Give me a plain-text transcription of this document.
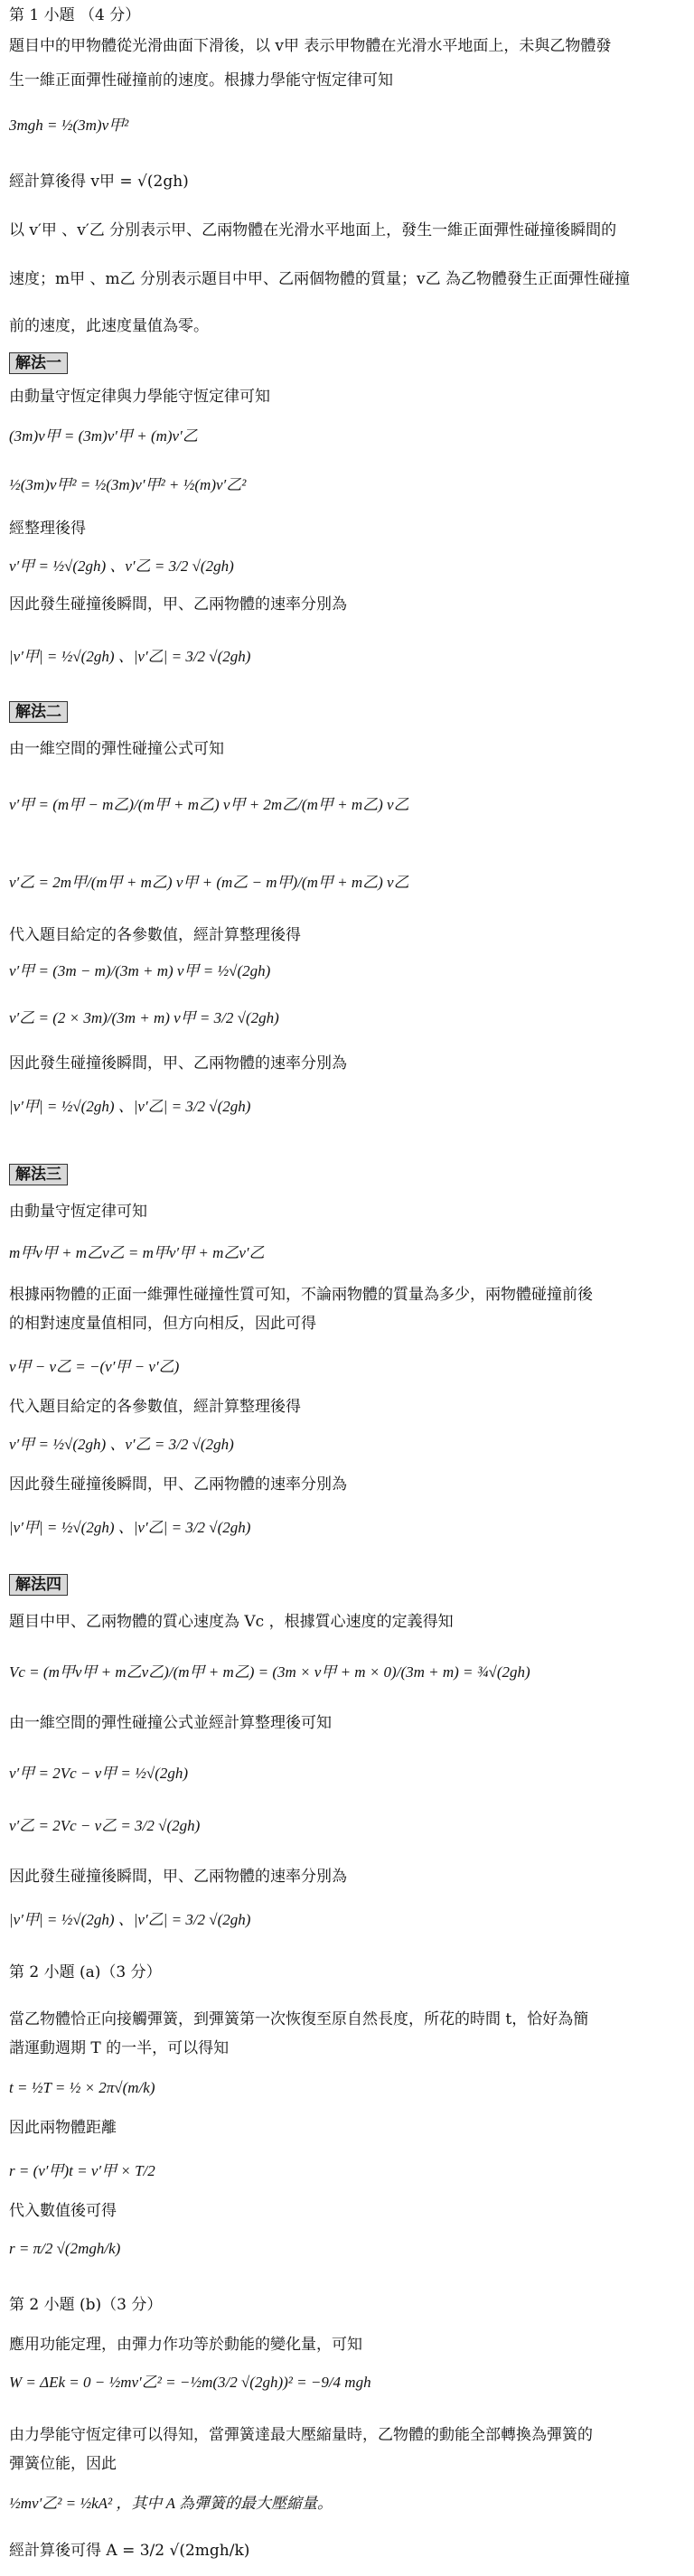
第 1 小題 （4 分）
題目中的甲物體從光滑曲面下滑後，以 v甲 表示甲物體在光滑水平地面上，未與乙物體發
生一維正面彈性碰撞前的速度。根據力學能守恆定律可知
3mgh = ½(3m)v甲²
經計算後得 v甲 = √(2gh)
以 v′甲 、v′乙 分別表示甲、乙兩物體在光滑水平地面上，發生一維正面彈性碰撞後瞬間的
速度；m甲 、m乙 分別表示題目中甲、乙兩個物體的質量；v乙 為乙物體發生正面彈性碰撞
前的速度，此速度量值為零。
解法一
由動量守恆定律與力學能守恆定律可知
(3m)v甲 = (3m)v′甲 + (m)v′乙
½(3m)v甲² = ½(3m)v′甲² + ½(m)v′乙²
經整理後得
v′甲 = ½√(2gh) 、v′乙 = 3/2 √(2gh)
因此發生碰撞後瞬間，甲、乙兩物體的速率分別為
|v′甲| = ½√(2gh) 、|v′乙| = 3/2 √(2gh)
解法二
由一維空間的彈性碰撞公式可知
v′甲 = (m甲 − m乙)/(m甲 + m乙) v甲 + 2m乙/(m甲 + m乙) v乙
v′乙 = 2m甲/(m甲 + m乙) v甲 + (m乙 − m甲)/(m甲 + m乙) v乙
代入題目給定的各參數值，經計算整理後得
v′甲 = (3m − m)/(3m + m) v甲 = ½√(2gh)
v′乙 = (2 × 3m)/(3m + m) v甲 = 3/2 √(2gh)
因此發生碰撞後瞬間，甲、乙兩物體的速率分別為
|v′甲| = ½√(2gh) 、|v′乙| = 3/2 √(2gh)
解法三
由動量守恆定律可知
m甲v甲 + m乙v乙 = m甲v′甲 + m乙v′乙
根據兩物體的正面一維彈性碰撞性質可知，不論兩物體的質量為多少，兩物體碰撞前後
的相對速度量值相同，但方向相反，因此可得
v甲 − v乙 = −(v′甲 − v′乙)
代入題目給定的各參數值，經計算整理後得
v′甲 = ½√(2gh) 、v′乙 = 3/2 √(2gh)
因此發生碰撞後瞬間，甲、乙兩物體的速率分別為
|v′甲| = ½√(2gh) 、|v′乙| = 3/2 √(2gh)
解法四
題目中甲、乙兩物體的質心速度為 Vc ，根據質心速度的定義得知
Vc = (m甲v甲 + m乙v乙)/(m甲 + m乙) = (3m × v甲 + m × 0)/(3m + m) = ¾√(2gh)
由一維空間的彈性碰撞公式並經計算整理後可知
v′甲 = 2Vc − v甲 = ½√(2gh)
v′乙 = 2Vc − v乙 = 3/2 √(2gh)
因此發生碰撞後瞬間，甲、乙兩物體的速率分別為
|v′甲| = ½√(2gh) 、|v′乙| = 3/2 √(2gh)
第 2 小題 (a)（3 分）
當乙物體恰正向接觸彈簧，到彈簧第一次恢復至原自然長度，所花的時間 t，恰好為簡
諧運動週期 T 的一半，可以得知
t = ½T = ½ × 2π√(m/k)
因此兩物體距離
r = (v′甲)t = v′甲 × T/2
代入數值後可得
r = π/2 √(2mgh/k)
第 2 小題 (b)（3 分）
應用功能定理，由彈力作功等於動能的變化量，可知
W = ΔEk = 0 − ½mv′乙² = −½m(3/2 √(2gh))² = −9/4 mgh
由力學能守恆定律可以得知，當彈簧達最大壓縮量時，乙物體的動能全部轉換為彈簧的
彈簧位能，因此
½mv′乙² = ½kA² ，其中 A 為彈簧的最大壓縮量。
經計算後可得 A = 3/2 √(2mgh/k)
